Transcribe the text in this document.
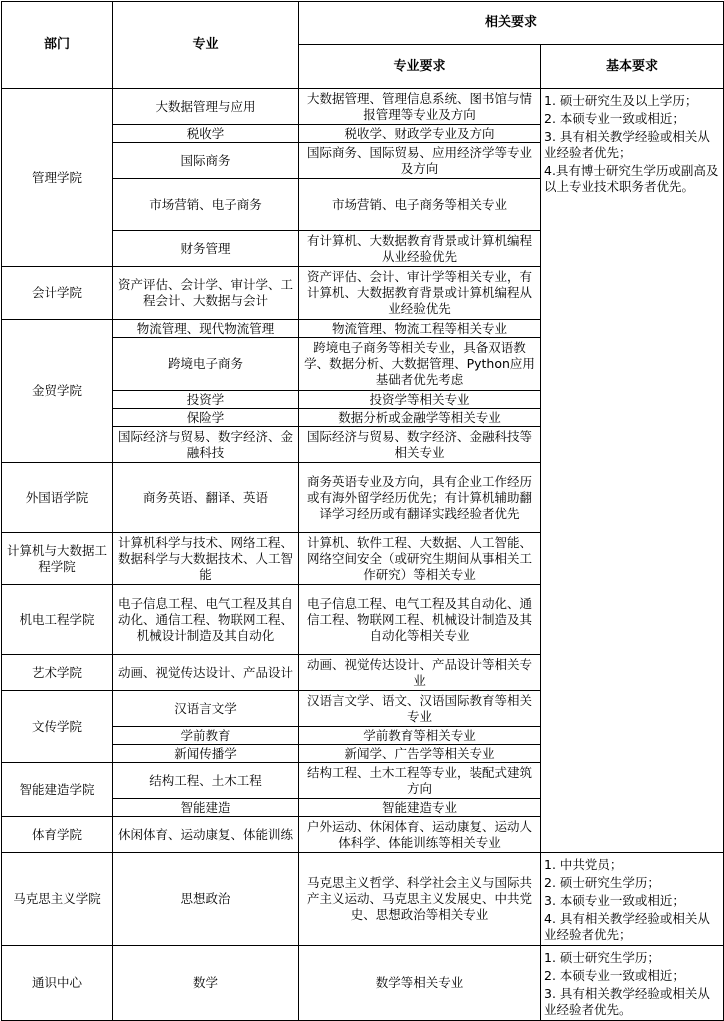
部门	专业	相关要求	
		专业要求	基本要求
管理学院	大数据管理与应用	大数据管理、管理信息系统、图书馆与情报管理等专业及方向	1. 硕士研究生及以上学历；
2. 本硕专业一致或相近；
3. 具有相关教学经验或相关从业经验者优先；
4.具有博士研究生学历或副高及以上专业技术职务者优先。

	税收学	税收学、财政学专业及方向	
	国际商务	国际商务、国际贸易、应用经济学等专业及方向	
	市场营销、电子商务	市场营销、电子商务等相关专业	
	财务管理	有计算机、大数据教育背景或计算机编程从业经验优先	
会计学院	资产评估、会计学、审计学、工程会计、大数据与会计	资产评估、会计、审计学等相关专业，有计算机、大数据教育背景或计算机编程从业经验优先	
金贸学院	物流管理、现代物流管理	物流管理、物流工程等相关专业	
	跨境电子商务	跨境电子商务等相关专业，具备双语教学、数据分析、大数据管理、Python应用基础者优先考虑	
	投资学	投资学等相关专业	
	保险学	数据分析或金融学等相关专业	
	国际经济与贸易、数字经济、金融科技	国际经济与贸易、数字经济、金融科技等相关专业	
外国语学院	商务英语、翻译、英语	商务英语专业及方向，具有企业工作经历或有海外留学经历优先；有计算机辅助翻译学习经历或有翻译实践经验者优先	
计算机与大数据工程学院	计算机科学与技术、网络工程、数据科学与大数据技术、人工智能	计算机、软件工程、大数据、人工智能、网络空间安全（或研究生期间从事相关工作研究）等相关专业	
机电工程学院	电子信息工程、电气工程及其自动化、通信工程、物联网工程、机械设计制造及其自动化	电子信息工程、电气工程及其自动化、通信工程、物联网工程、机械设计制造及其自动化等相关专业	
艺术学院	动画、视觉传达设计、产品设计	动画、视觉传达设计、产品设计等相关专业	
文传学院	汉语言文学	汉语言文学、语文、汉语国际教育等相关专业	
	学前教育	学前教育等相关专业	
	新闻传播学	新闻学、广告学等相关专业	
智能建造学院	结构工程、土木工程	结构工程、土木工程等专业，装配式建筑方向	
	智能建造	智能建造专业	
体育学院	休闲体育、运动康复、体能训练	户外运动、休闲体育、运动康复、运动人体科学、体能训练等相关专业	
马克思主义学院	思想政治	马克思主义哲学、科学社会主义与国际共产主义运动、马克思主义发展史、中共党史、思想政治等相关专业	1. 中共党员；
2. 硕士研究生学历；
3. 本硕专业一致或相近；
4. 具有相关教学经验或相关从业经验者优先；

通识中心	数学	数学等相关专业	1. 硕士研究生学历；
2. 本硕专业一致或相近；
3. 具有相关教学经验或相关从业经验者优先。
